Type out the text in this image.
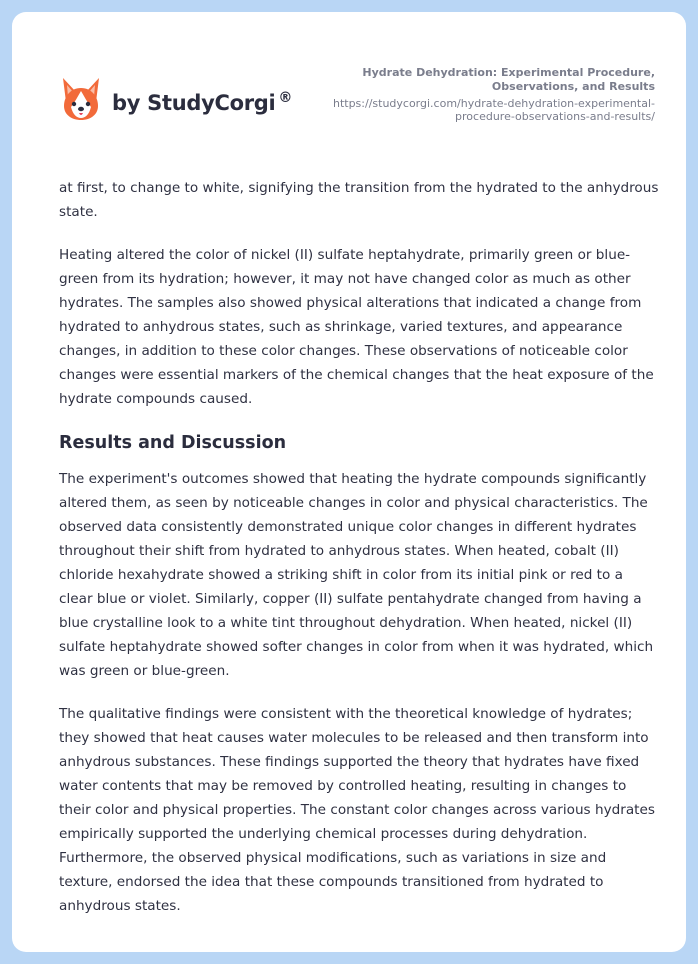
by StudyCorgi ®
Hydrate Dehydration: Experimental Procedure,
Observations, and Results
https://studycorgi.com/hydrate-dehydration-experimental-
procedure-observations-and-results/

at first, to change to white, signifying the transition from the hydrated to the anhydrous state.

Heating altered the color of nickel (II) sulfate heptahydrate, primarily green or blue-green from its hydration; however, it may not have changed color as much as other hydrates. The samples also showed physical alterations that indicated a change from hydrated to anhydrous states, such as shrinkage, varied textures, and appearance changes, in addition to these color changes. These observations of noticeable color changes were essential markers of the chemical changes that the heat exposure of the hydrate compounds caused.

Results and Discussion

The experiment's outcomes showed that heating the hydrate compounds significantly altered them, as seen by noticeable changes in color and physical characteristics. The observed data consistently demonstrated unique color changes in different hydrates throughout their shift from hydrated to anhydrous states. When heated, cobalt (II) chloride hexahydrate showed a striking shift in color from its initial pink or red to a clear blue or violet. Similarly, copper (II) sulfate pentahydrate changed from having a blue crystalline look to a white tint throughout dehydration. When heated, nickel (II) sulfate heptahydrate showed softer changes in color from when it was hydrated, which was green or blue-green.

The qualitative findings were consistent with the theoretical knowledge of hydrates; they showed that heat causes water molecules to be released and then transform into anhydrous substances. These findings supported the theory that hydrates have fixed water contents that may be removed by controlled heating, resulting in changes to their color and physical properties. The constant color changes across various hydrates empirically supported the underlying chemical processes during dehydration. Furthermore, the observed physical modifications, such as variations in size and texture, endorsed the idea that these compounds transitioned from hydrated to anhydrous states.
